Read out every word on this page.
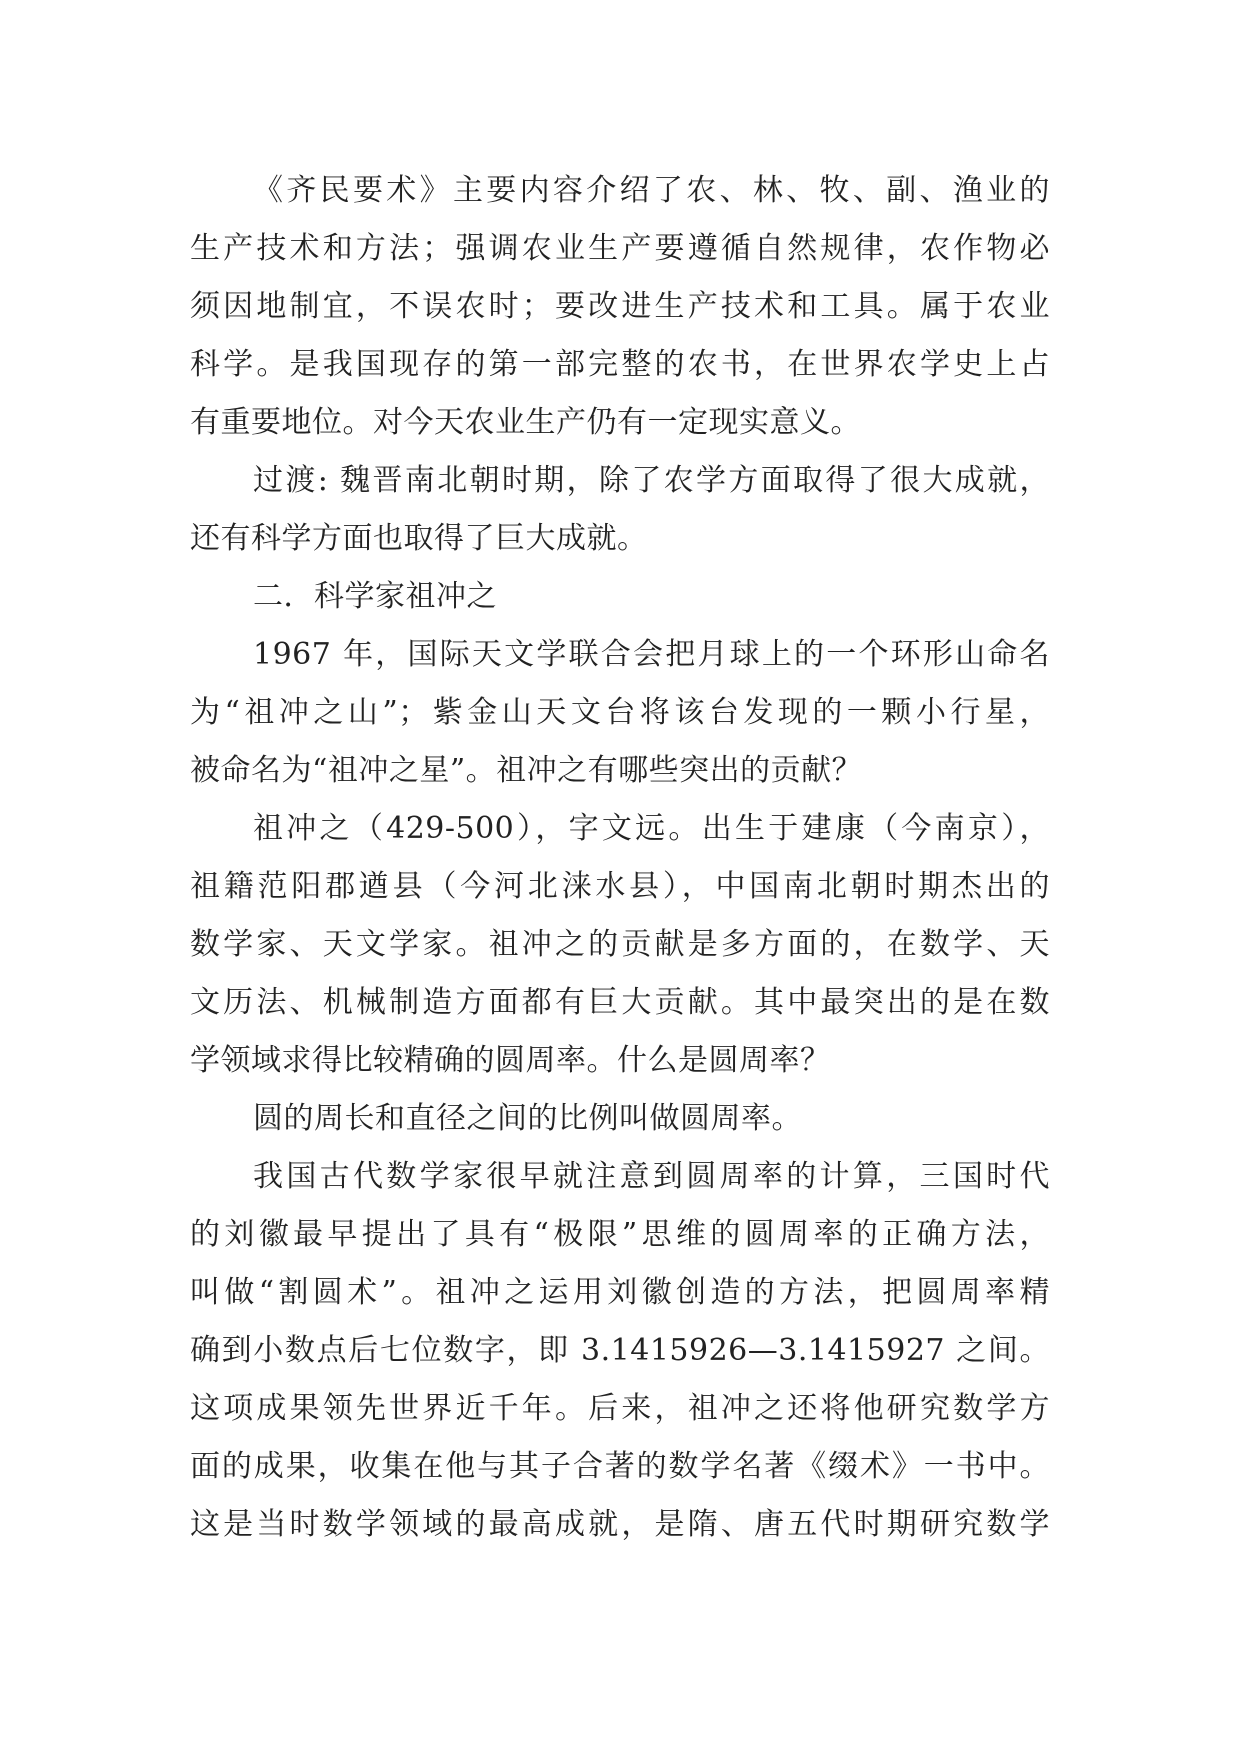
《齐民要术》主要内容介绍了农、林、牧、副、渔业的
生产技术和方法；强调农业生产要遵循自然规律，农作物必
须因地制宜，不误农时；要改进生产技术和工具。属于农业
科学。是我国现存的第一部完整的农书，在世界农学史上占
有重要地位。对今天农业生产仍有一定现实意义。
过渡: 魏晋南北朝时期，除了农学方面取得了很大成就，
还有科学方面也取得了巨大成就。
二．科学家祖冲之
1967 年，国际天文学联合会把月球上的一个环形山命名
为“祖冲之山”；紫金山天文台将该台发现的一颗小行星，
被命名为“祖冲之星”。祖冲之有哪些突出的贡献？
祖冲之（429-500），字文远。出生于建康（今南京），
祖籍范阳郡遒县（今河北涞水县），中国南北朝时期杰出的
数学家、天文学家。祖冲之的贡献是多方面的，在数学、天
文历法、机械制造方面都有巨大贡献。其中最突出的是在数
学领域求得比较精确的圆周率。什么是圆周率？
圆的周长和直径之间的比例叫做圆周率。
我国古代数学家很早就注意到圆周率的计算，三国时代
的刘徽最早提出了具有“极限”思维的圆周率的正确方法，
叫做“割圆术”。祖冲之运用刘徽创造的方法，把圆周率精
确到小数点后七位数字，即 3.1415926—3.1415927 之间。
这项成果领先世界近千年。后来，祖冲之还将他研究数学方
面的成果，收集在他与其子合著的数学名著《缀术》一书中。
这是当时数学领域的最高成就，是隋、唐五代时期研究数学
